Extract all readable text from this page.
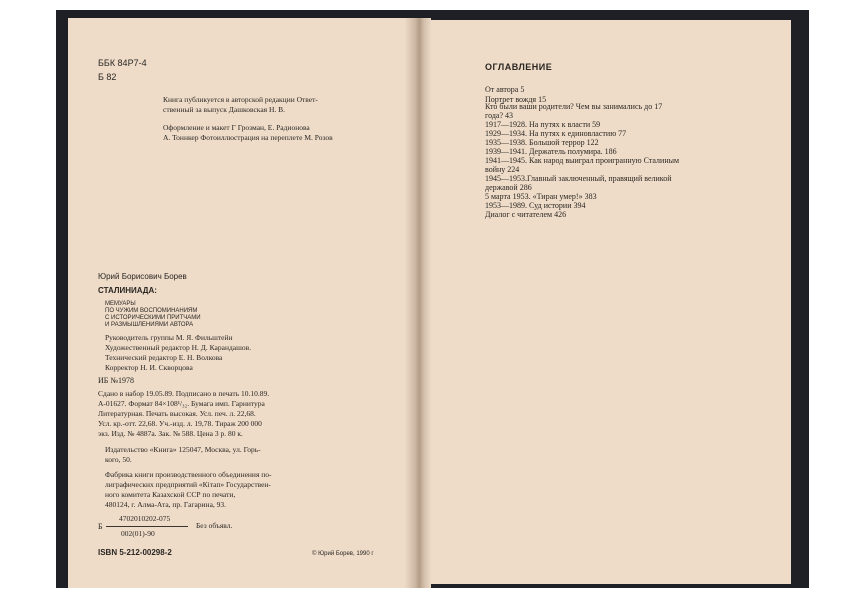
ББК 84Р7-4
Б 82
Книга публикуется в авторской редакции Ответ-
ственный за выпуск Дашковская Н. В.
Оформление и макет Г Грозман, Е. Радионова
А. Тоннкер Фотоиллюстрация на переплете М. Розов
Юрий Борисович Борев
СТАЛИНИАДА:
МЕМУАРЫ
ПО ЧУЖИМ ВОСПОМИНАНИЯМ
С ИСТОРИЧЕСКИМИ ПРИТЧАМИ
И РАЗМЫШЛЕНИЯМИ АВТОРА
Руководитель группы М. Я. Фильштейн
Художественный редактор Н. Д. Карандашов.
Технический редактор Е. Н. Волкова
Корректор Н. И. Скворцова
ИБ №1978
Сдано в набор 19.05.89. Подписано в печать 10.10.89.
А-01627. Формат 84×108¹/₃₂. Бумага имп. Гарнитура
Литературная. Печать высокая. Усл. печ. л. 22,68.
Усл. кр.-отт. 22,68. Уч.-изд. л. 19,78. Тираж 200 000
экз. Изд. № 4887а. Зак. № 588. Цена 3 р. 80 к.
Издательство «Книга» 125047, Москва, ул. Горь-
кого, 50.
Фабрика книги производственного объединения по-
лиграфических предприятий «Кітап» Государствен-
ного комитета Казахской ССР по печати,
480124, г. Алма-Ата, пр. Гагарина, 93.
Б
4702010202-075
002(01)-90
Без объявл.
ISBN 5-212-00298-2	© Юрий Борев, 1990 г
ОГЛАВЛЕНИЕ
От автора 5
Портрет вождя 15
Кто были ваши родители? Чем вы занимались до 17
года? 43
1917—1928. На путях к власти 59
1929—1934. На путях к единовластию 77
1935—1938. Большой террор 122
1939—1941. Держатель полумира. 186
1941—1945. Как народ выиграл проигранную Сталиным
войну 224
1945—1953.Главный заключенный, правящий великой
державой 286
5 марта 1953. «Тиран умер!» 383
1953—1989. Суд истории 394
Диалог с читателем 426
